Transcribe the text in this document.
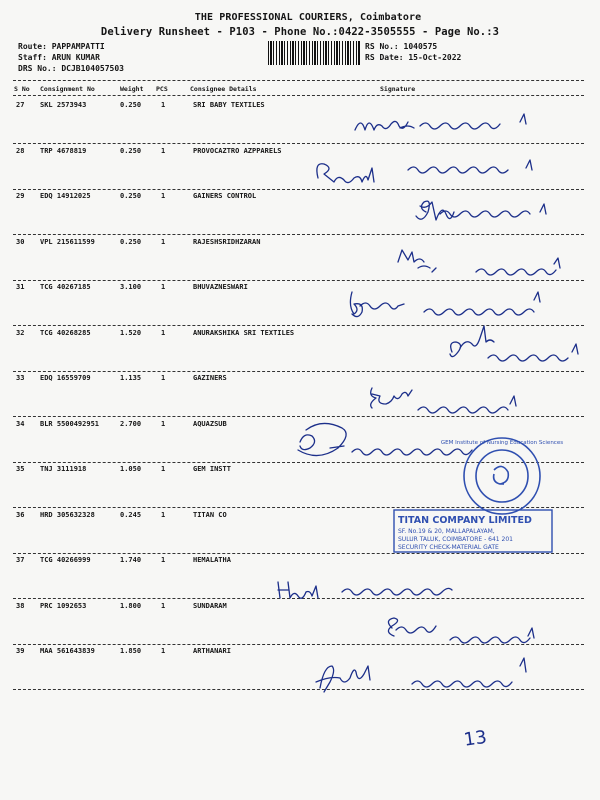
THE PROFESSIONAL COURIERS, Coimbatore
Delivery Runsheet - P103 - Phone No.:0422-3505555 - Page No.:3
Route: PAPPAMPATTI
Staff: ARUN KUMAR
DRS No.: DCJB104057503
RS No.: 1040575
RS Date: 15-Oct-2022
S No Consignment No	Weight PCS	Consignee Details	Signature
27 SKL 2573943	0.250	1	SRI BABY TEXTILES
28 TRP 4678819	0.250	1	PROVOCAZTRO AZPPARELS
29 EDQ 14912025	0.250	1	GAINERS CONTROL
30 VPL 215611599	0.250	1	RAJESHSRIDHZARAN
31 TCG 40267185	3.100	1	BHUVAZNESWARI
32 TCG 40268285	1.520	1	ANURAKSHIKA SRI TEXTILES
33 EDQ 16559709	1.135	1	GAZINERS
34 BLR 5500492951	2.700	1	AQUAZSUB
35 TNJ 3111918	1.050	1	GEM INSTT
36 HRD 305632328	0.245	1	TITAN CO
37 TCG 40266999	1.740	1	HEMALATHA
38 PRC 1092653	1.800	1	SUNDARAM
39 MAA 561643839	1.850	1	ARTHANARI
GEM Institute of Nursing Education Sciences
TITAN COMPANY LIMITED
SF. No.19 & 20, MALLAPALAYAM,
SULUR TALUK, COIMBATORE - 641 201
SECURITY CHECK-MATERIAL GATE
13
